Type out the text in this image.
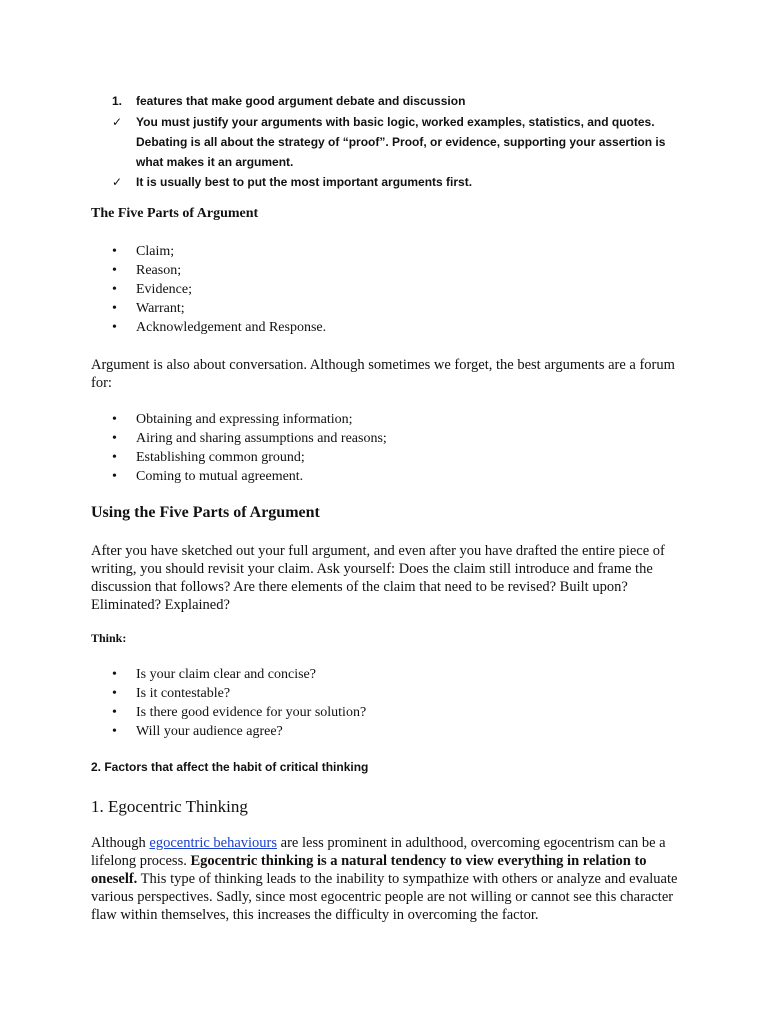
1. features that make good argument debate and discussion
✓ You must justify your arguments with basic logic, worked examples, statistics, and quotes.
Debating is all about the strategy of “proof”. Proof, or evidence, supporting your assertion is
what makes it an argument.
✓ It is usually best to put the most important arguments first.
The Five Parts of Argument
• Claim;
• Reason;
• Evidence;
• Warrant;
• Acknowledgement and Response.
Argument is also about conversation. Although sometimes we forget, the best arguments are a forum for:
• Obtaining and expressing information;
• Airing and sharing assumptions and reasons;
• Establishing common ground;
• Coming to mutual agreement.
Using the Five Parts of Argument
After you have sketched out your full argument, and even after you have drafted the entire piece of writing, you should revisit your claim. Ask yourself: Does the claim still introduce and frame the discussion that follows? Are there elements of the claim that need to be revised? Built upon? Eliminated? Explained?
Think:
• Is your claim clear and concise?
• Is it contestable?
• Is there good evidence for your solution?
• Will your audience agree?
2. Factors that affect the habit of critical thinking
1. Egocentric Thinking
Although egocentric behaviours are less prominent in adulthood, overcoming egocentrism can be a lifelong process. Egocentric thinking is a natural tendency to view everything in relation to oneself. This type of thinking leads to the inability to sympathize with others or analyze and evaluate various perspectives. Sadly, since most egocentric people are not willing or cannot see this character flaw within themselves, this increases the difficulty in overcoming the factor.
